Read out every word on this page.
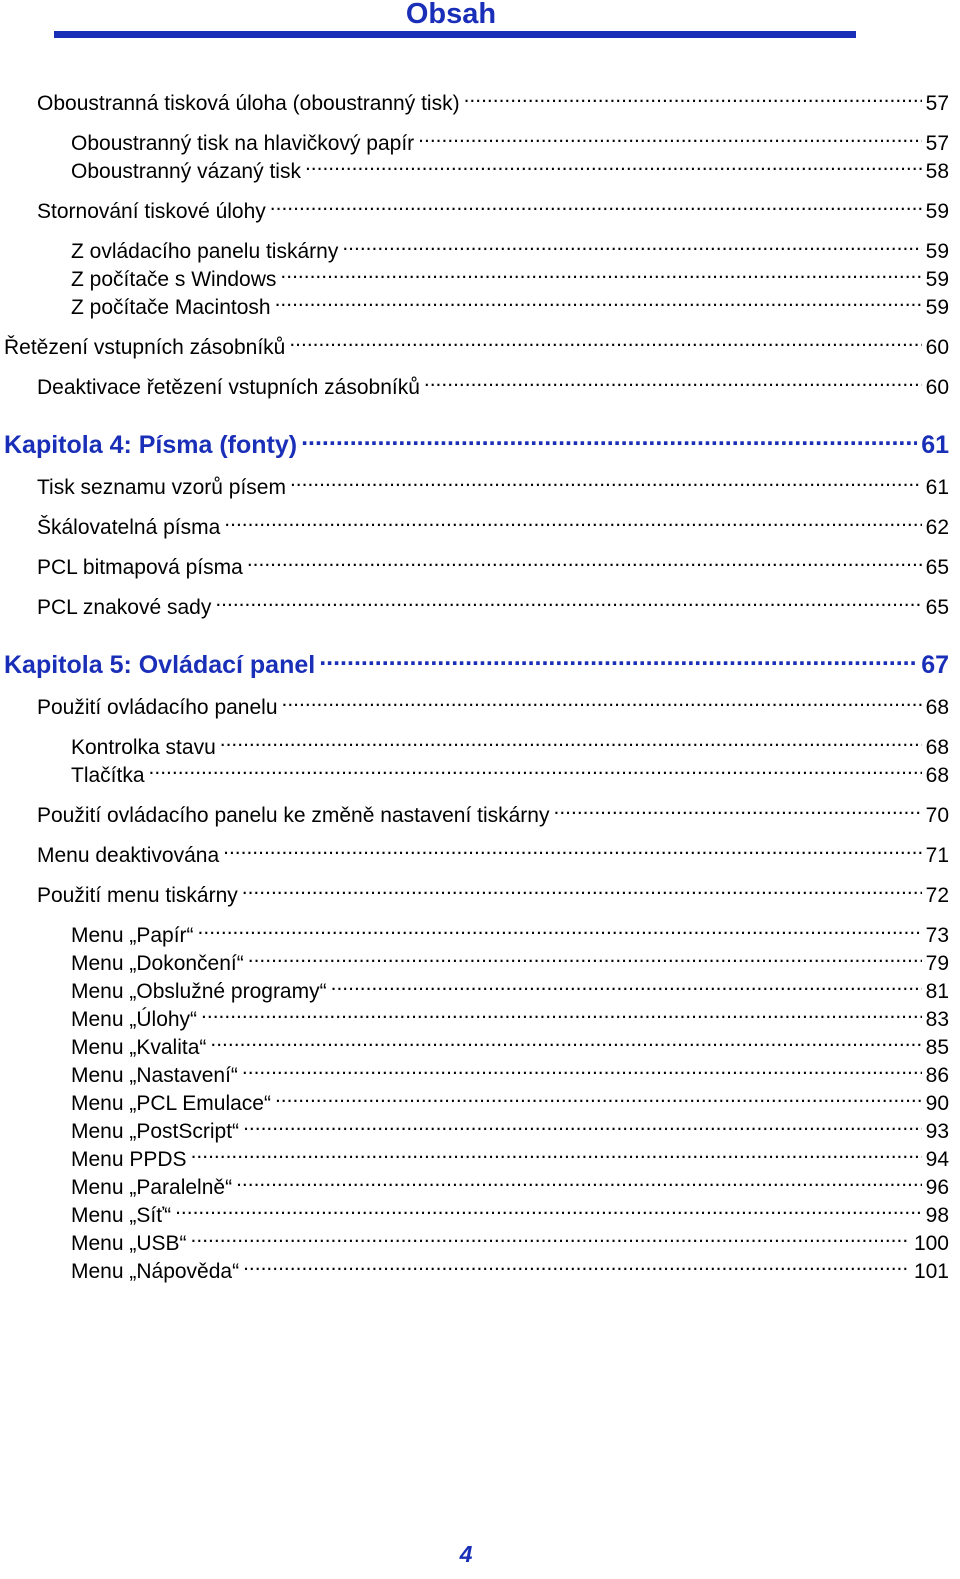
Obsah
Oboustranná tisková úloha (oboustranný tisk) .....	57
Oboustranný tisk na hlavičkový papír .....	57
Oboustranný vázaný tisk .....	58
Stornování tiskové úlohy .....	59
Z ovládacího panelu tiskárny .....	59
Z počítače s Windows .....	59
Z počítače Macintosh .....	59
Řetězení vstupních zásobníků .....	60
Deaktivace řetězení vstupních zásobníků .....	60
Kapitola 4: Písma (fonty) .....	61
Tisk seznamu vzorů písem .....	61
Škálovatelná písma .....	62
PCL bitmapová písma .....	65
PCL znakové sady .....	65
Kapitola 5: Ovládací panel .....	67
Použití ovládacího panelu .....	68
Kontrolka stavu .....	68
Tlačítka .....	68
Použití ovládacího panelu ke změně nastavení tiskárny .....	70
Menu deaktivována .....	71
Použití menu tiskárny .....	72
Menu „Papír“ .....	73
Menu „Dokončení“ .....	79
Menu „Obslužné programy“ .....	81
Menu „Úlohy“ .....	83
Menu „Kvalita“ .....	85
Menu „Nastavení“ .....	86
Menu „PCL Emulace“ .....	90
Menu „PostScript“ .....	93
Menu PPDS .....	94
Menu „Paralelně“ .....	96
Menu „Síť“ .....	98
Menu „USB“ .....	100
Menu „Nápověda“ .....	101
4
